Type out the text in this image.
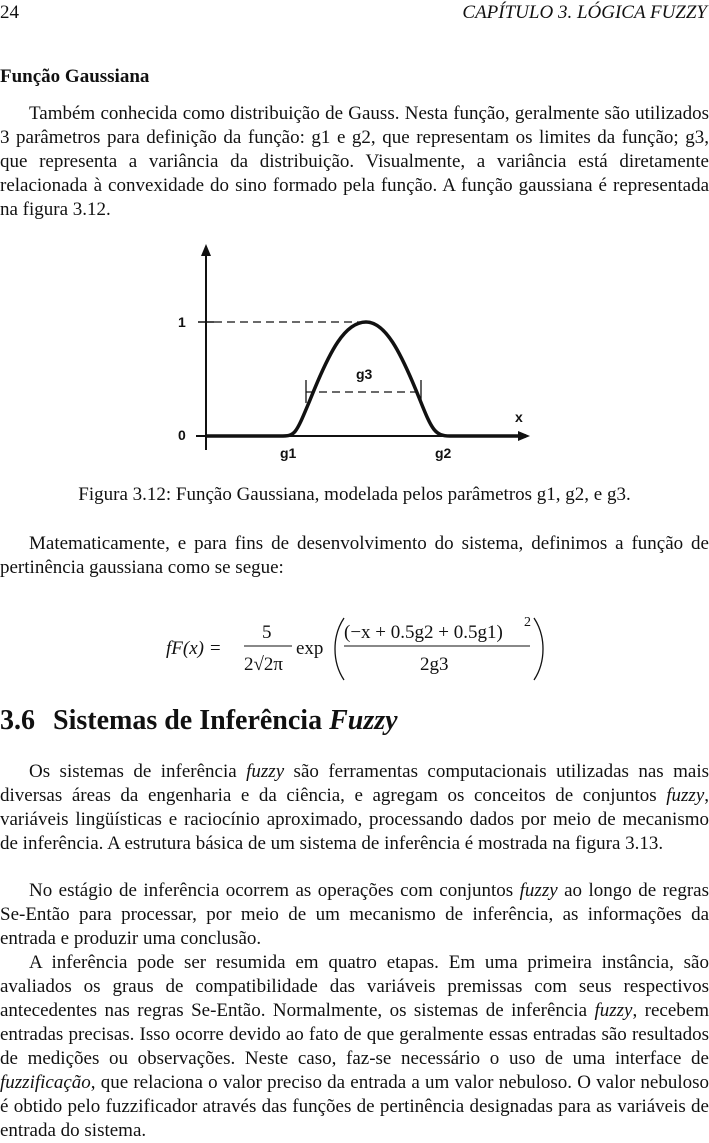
24	CAPÍTULO 3. LÓGICA FUZZY
Função Gaussiana

Também conhecida como distribuição de Gauss. Nesta função, geralmente são utilizados 3 parâmetros para definição da função: g1 e g2, que representam os limites da função; g3, que representa a variância da distribuição. Visualmente, a variância está diretamente relacionada à convexidade do sino formado pela função. A função gaussiana é representada na figura 3.12.

1
0
x
g1	g2
g3
Figura 3.12: Função Gaussiana, modelada pelos parâmetros g1, g2, e g3.

Matematicamente, e para fins de desenvolvimento do sistema, definimos a função de pertinência gaussiana como se segue:

fF(x) =
5
2√2π
exp
(−x + 0.5g2 + 0.5g1) 2
2g3
3.6 Sistemas de Inferência Fuzzy

Os sistemas de inferência fuzzy são ferramentas computacionais utilizadas nas mais diversas áreas da engenharia e da ciência, e agregam os conceitos de conjuntos fuzzy, variáveis lingüísticas e raciocínio aproximado, processando dados por meio de mecanismo de inferência. A estrutura básica de um sistema de inferência é mostrada na figura 3.13.

No estágio de inferência ocorrem as operações com conjuntos fuzzy ao longo de regras Se-Então para processar, por meio de um mecanismo de inferência, as informações da entrada e produzir uma conclusão.

A inferência pode ser resumida em quatro etapas. Em uma primeira instância, são avaliados os graus de compatibilidade das variáveis premissas com seus respectivos antecedentes nas regras Se-Então. Normalmente, os sistemas de inferência fuzzy, recebem entradas precisas. Isso ocorre devido ao fato de que geralmente essas entradas são resultados de medições ou observações. Neste caso, faz-se necessário o uso de uma interface de fuzzificação, que relaciona o valor preciso da entrada a um valor nebuloso. O valor nebuloso é obtido pelo fuzzificador através das funções de pertinência designadas para as variáveis de entrada do sistema.
